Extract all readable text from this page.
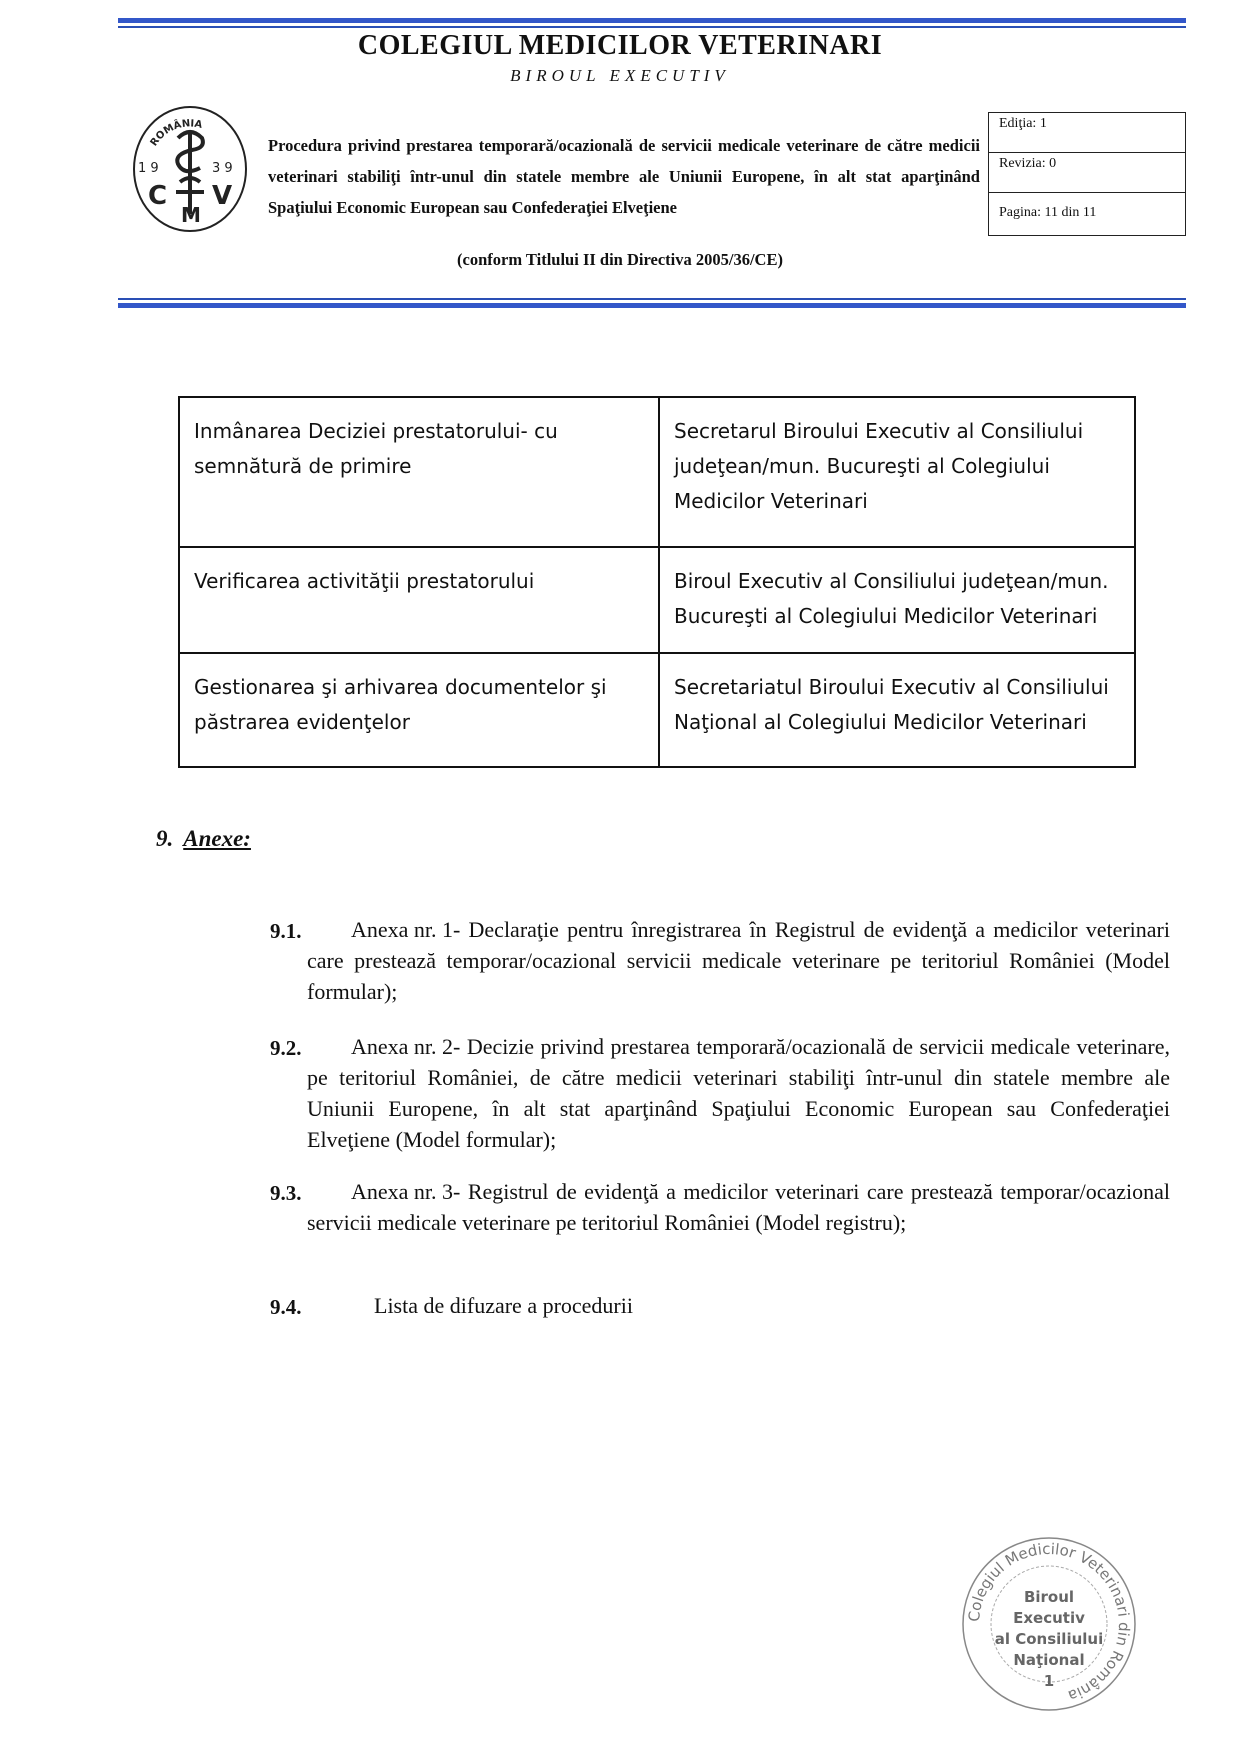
COLEGIUL MEDICILOR VETERINARI
BIROUL EXECUTIV
ROMÂNIA
1 9	3 9
C
M
V
Procedura privind prestarea temporară/ocazională de servicii medicale veterinare de către medicii veterinari stabiliţi într-unul din statele membre ale Uniunii Europene, în alt stat aparţinând Spaţiului Economic European sau Confederaţiei Elveţiene
Ediţia: 1
Revizia: 0
Pagina: 11 din 11
(conform Titlului II din Directiva 2005/36/CE)
Inmânarea Deciziei prestatorului- cu semnătură de primire	Secretarul Biroului Executiv al Consiliului judeţean/mun. Bucureşti al Colegiului Medicilor Veterinari
Verificarea activităţii prestatorului	Biroul Executiv al Consiliului judeţean/mun. Bucureşti al Colegiului Medicilor Veterinari
Gestionarea şi arhivarea documentelor şi păstrarea evidenţelor	Secretariatul Biroului Executiv al Consiliului Naţional al Colegiului Medicilor Veterinari
9. Anexe:
9.1.	Anexa nr. 1- Declaraţie pentru înregistrarea în Registrul de evidenţă a medicilor veterinari care prestează temporar/ocazional servicii medicale veterinare pe teritoriul României (Model formular);
9.2.	Anexa nr. 2- Decizie privind prestarea temporară/ocazională de servicii medicale veterinare, pe teritoriul României, de către medicii veterinari stabiliţi într-unul din statele membre ale Uniunii Europene, în alt stat aparţinând Spaţiului Economic European sau Confederaţiei Elveţiene (Model formular);
9.3.	Anexa nr. 3- Registrul de evidenţă a medicilor veterinari care prestează temporar/ocazional servicii medicale veterinare pe teritoriul României (Model registru);
9.4.	Lista de difuzare a procedurii
Colegiul Medicilor Veterinari din România
Biroul
Executiv
al Consiliului
Naţional
1
